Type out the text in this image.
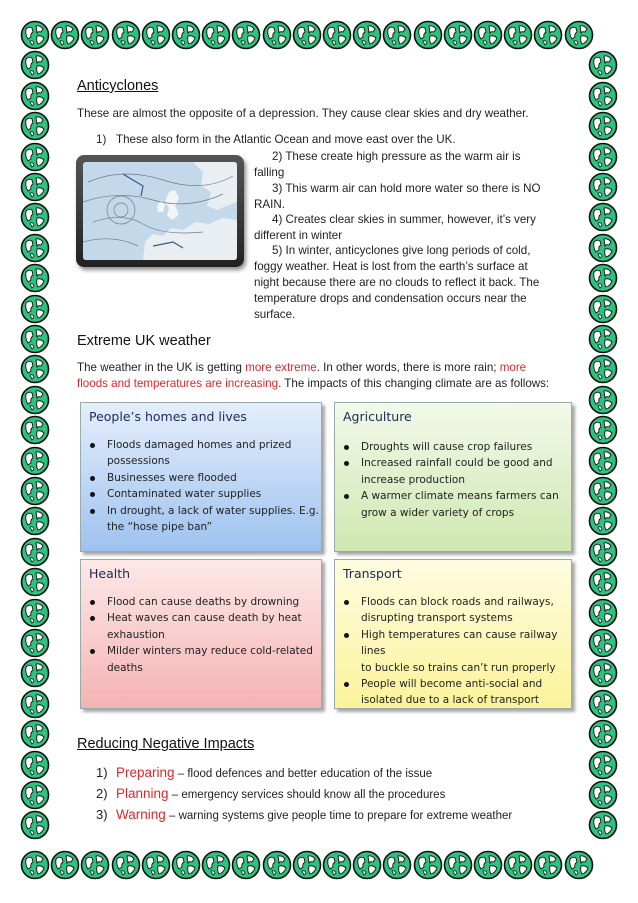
Anticyclones
These are almost the opposite of a depression. They cause clear skies and dry weather.
1) These also form in the Atlantic Ocean and move east over the UK.
2) These create high pressure as the warm air is
falling
3) This warm air can hold more water so there is NO
RAIN.
4) Creates clear skies in summer, however, it’s very
different in winter
5) In winter, anticyclones give long periods of cold,
foggy weather. Heat is lost from the earth’s surface at
night because there are no clouds to reflect it back. The
temperature drops and condensation occurs near the
surface.
Extreme UK weather
The weather in the UK is getting more extreme. In other words, there is more rain; more
floods and temperatures are increasing. The impacts of this changing climate are as follows:
People’s homes and lives
Floods damaged homes and prized
possessions
Businesses were flooded
Contaminated water supplies
In drought, a lack of water supplies. E.g.
the “hose pipe ban”
Agriculture
Droughts will cause crop failures
Increased rainfall could be good and
increase production
A warmer climate means farmers can
grow a wider variety of crops
Health
Flood can cause deaths by drowning
Heat waves can cause death by heat
exhaustion
Milder winters may reduce cold-related
deaths
Transport
Floods can block roads and railways,
disrupting transport systems
High temperatures can cause railway lines
to buckle so trains can’t run properly
People will become anti-social and
isolated due to a lack of transport
Reducing Negative Impacts
1) Preparing – flood defences and better education of the issue
2) Planning – emergency services should know all the procedures
3) Warning – warning systems give people time to prepare for extreme weather
